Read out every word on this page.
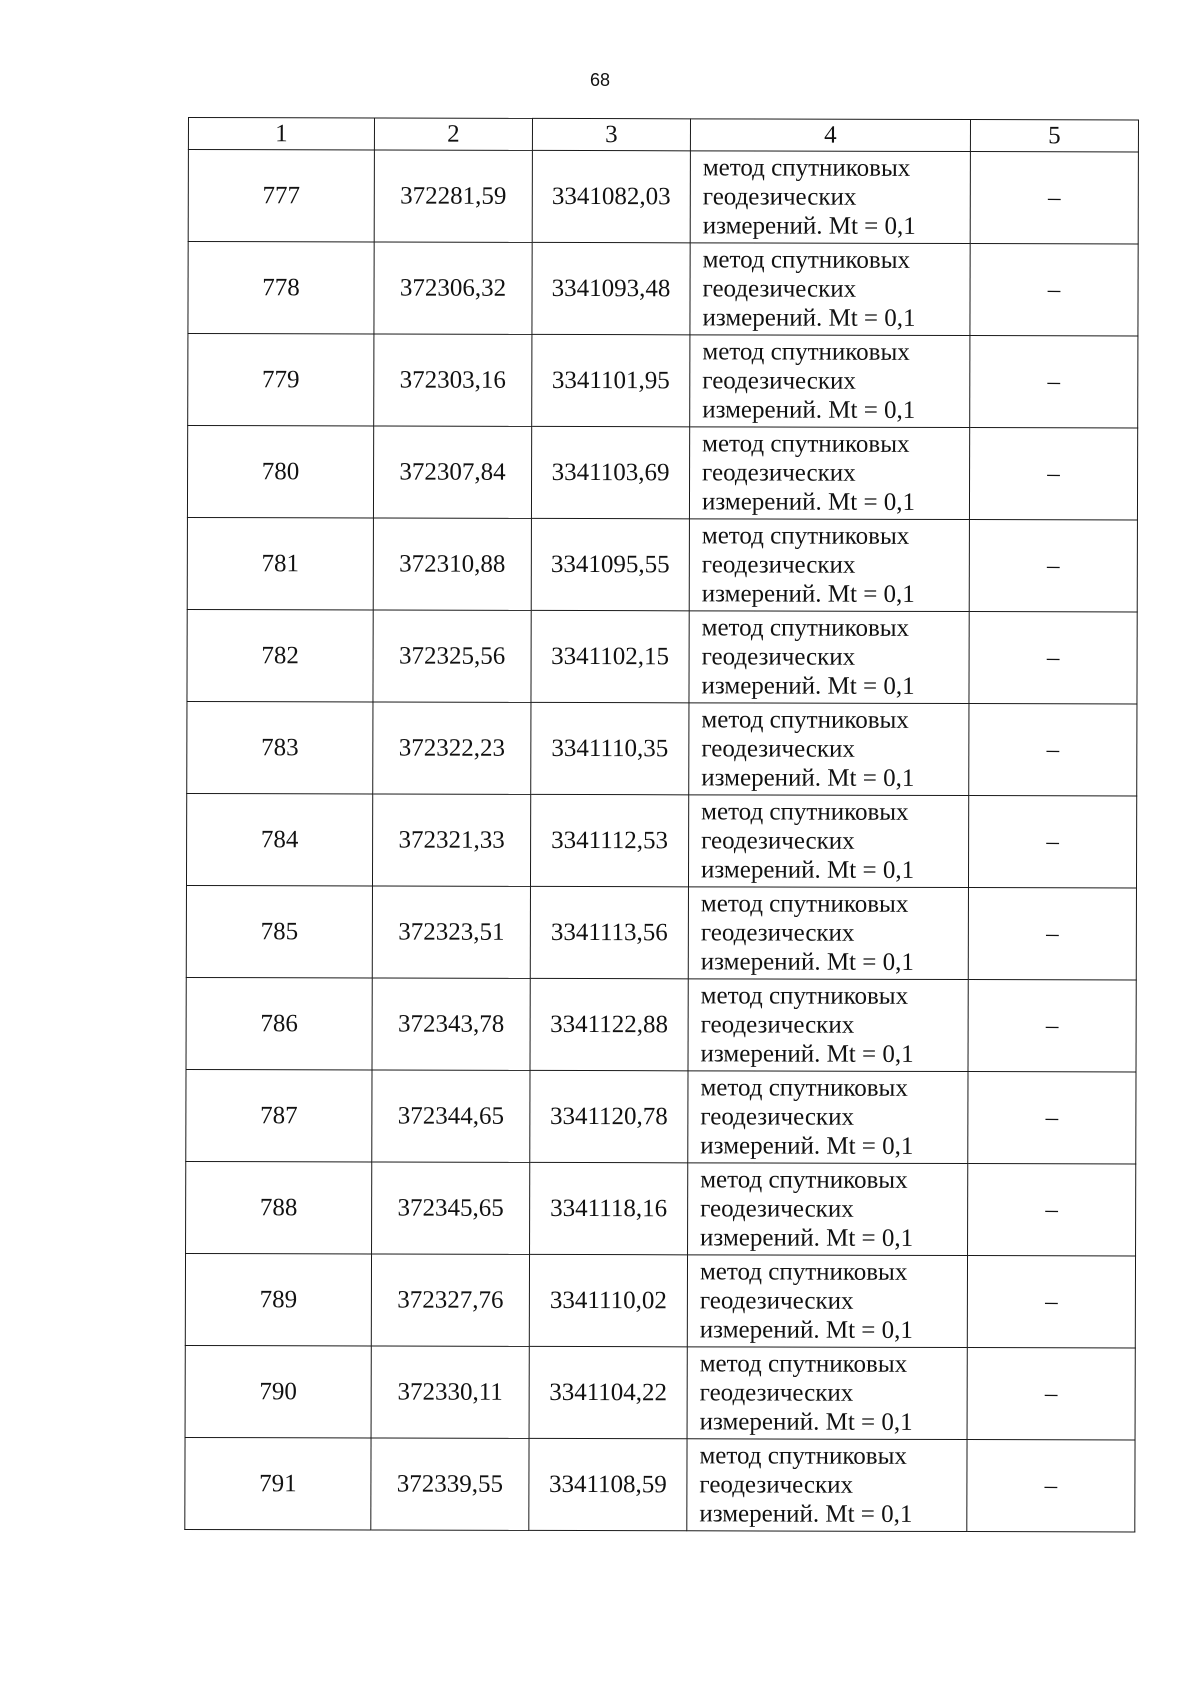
68
1	2	3	4	5
777	372281,59	3341082,03	метод спутниковых
геодезических
измерений. Mt = 0,1	–
778	372306,32	3341093,48	метод спутниковых
геодезических
измерений. Mt = 0,1	–
779	372303,16	3341101,95	метод спутниковых
геодезических
измерений. Mt = 0,1	–
780	372307,84	3341103,69	метод спутниковых
геодезических
измерений. Mt = 0,1	–
781	372310,88	3341095,55	метод спутниковых
геодезических
измерений. Mt = 0,1	–
782	372325,56	3341102,15	метод спутниковых
геодезических
измерений. Mt = 0,1	–
783	372322,23	3341110,35	метод спутниковых
геодезических
измерений. Mt = 0,1	–
784	372321,33	3341112,53	метод спутниковых
геодезических
измерений. Mt = 0,1	–
785	372323,51	3341113,56	метод спутниковых
геодезических
измерений. Mt = 0,1	–
786	372343,78	3341122,88	метод спутниковых
геодезических
измерений. Mt = 0,1	–
787	372344,65	3341120,78	метод спутниковых
геодезических
измерений. Mt = 0,1	–
788	372345,65	3341118,16	метод спутниковых
геодезических
измерений. Mt = 0,1	–
789	372327,76	3341110,02	метод спутниковых
геодезических
измерений. Mt = 0,1	–
790	372330,11	3341104,22	метод спутниковых
геодезических
измерений. Mt = 0,1	–
791	372339,55	3341108,59	метод спутниковых
геодезических
измерений. Mt = 0,1	–
